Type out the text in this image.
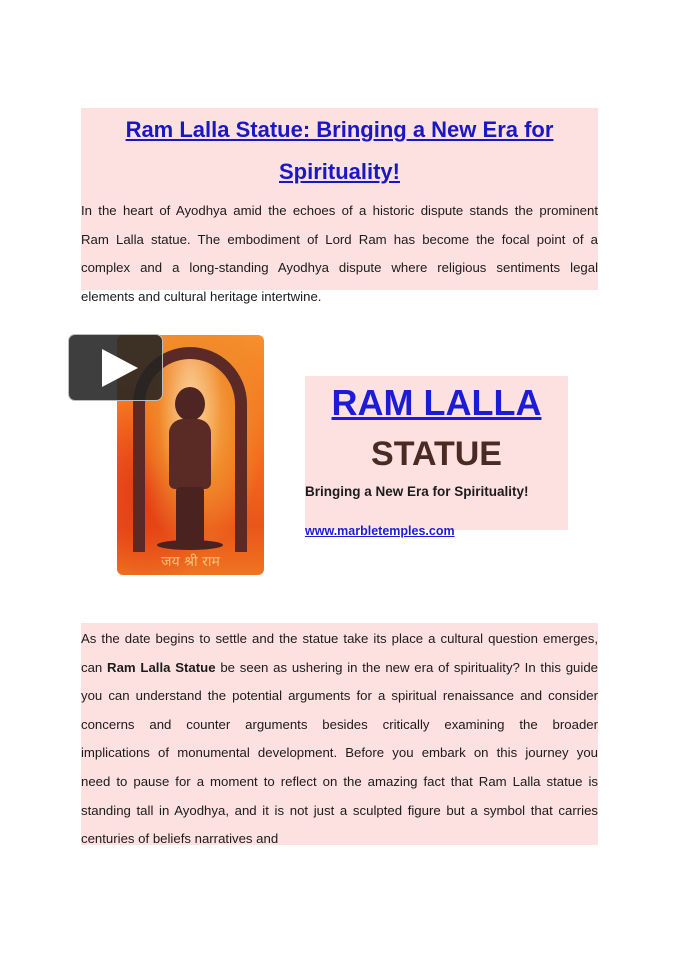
Ram Lalla Statue: Bringing a New Era for Spirituality!
In the heart of Ayodhya amid the echoes of a historic dispute stands the prominent
Ram Lalla statue. The embodiment of Lord Ram has become the focal point of a
complex and a long-standing Ayodhya dispute where religious sentiments legal
elements and cultural heritage intertwine.
जय श्री राम
RAM LALLA
STATUE
Bringing a New Era for Spirituality!
www.marbletemples.com
As the date begins to settle and the statue take its place a cultural question emerges,
can Ram Lalla Statue be seen as ushering in the new era of spirituality? In this guide
you can understand the potential arguments for a spiritual renaissance and consider
concerns and counter arguments besides critically examining the broader
implications of monumental development. Before you embark on this journey you
need to pause for a moment to reflect on the amazing fact that Ram Lalla statue is
standing tall in Ayodhya, and it is not just a sculpted figure but a symbol that carries
centuries of beliefs narratives and
